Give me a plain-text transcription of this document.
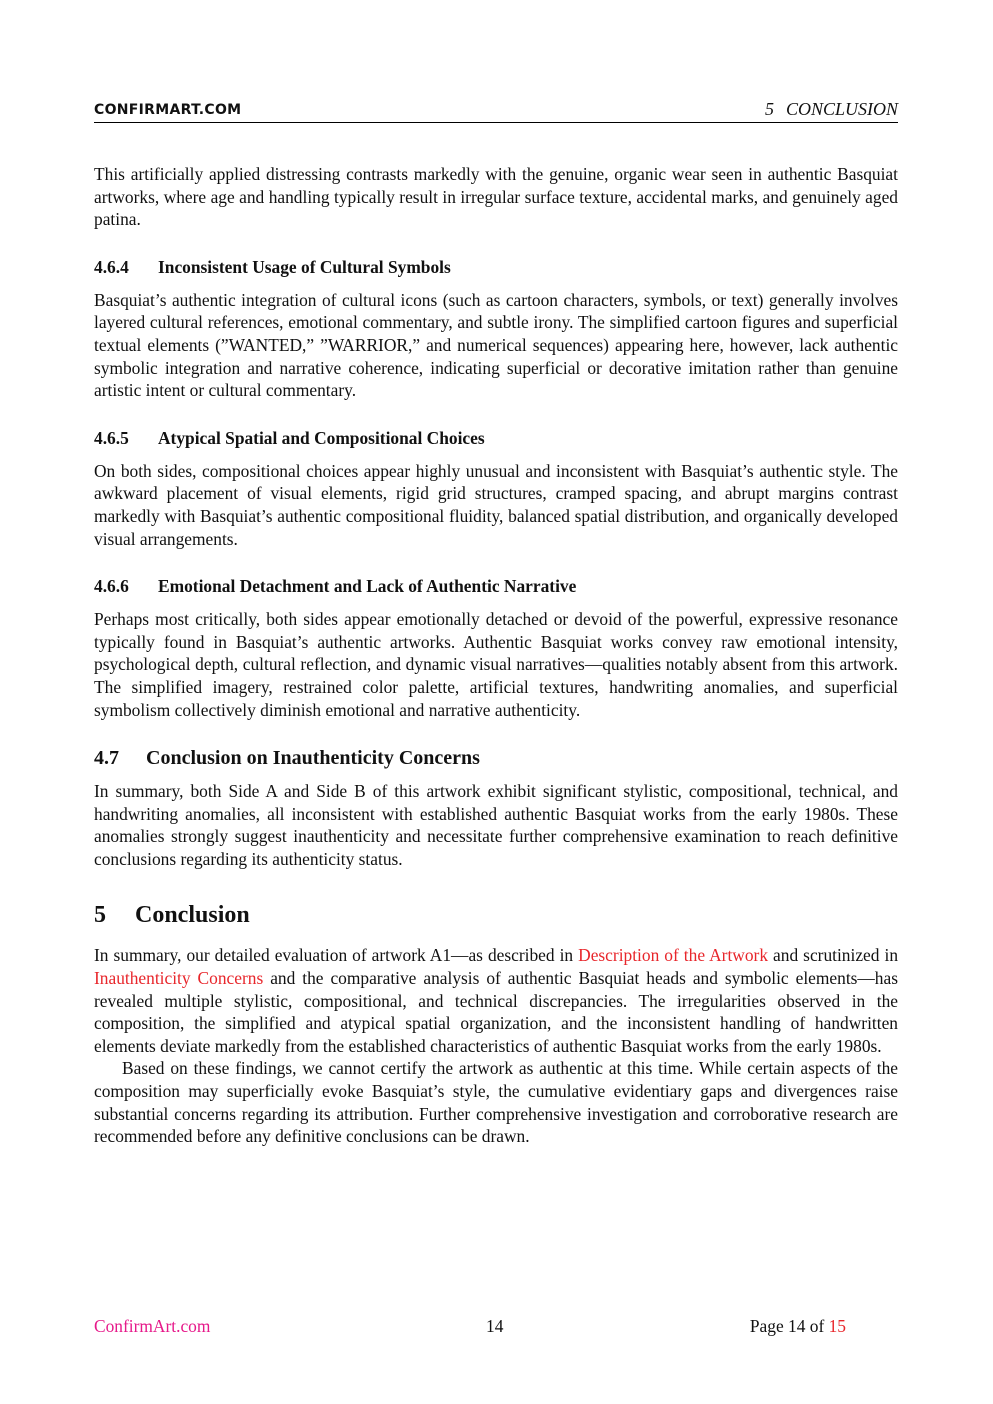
CONFIRMART.COM	5 CONCLUSION

This artificially applied distressing contrasts markedly with the genuine, organic wear seen in authentic Basquiat artworks, where age and handling typically result in irregular surface texture, accidental marks, and genuinely aged patina.

4.6.4 Inconsistent Usage of Cultural Symbols

Basquiat’s authentic integration of cultural icons (such as cartoon characters, symbols, or text) generally involves layered cultural references, emotional commentary, and subtle irony. The simplified cartoon figures and superficial textual elements (”WANTED,” ”WARRIOR,” and numerical sequences) appearing here, however, lack authentic symbolic integration and narrative coherence, indicating superficial or decorative imitation rather than genuine artistic intent or cultural commentary.

4.6.5 Atypical Spatial and Compositional Choices

On both sides, compositional choices appear highly unusual and inconsistent with Basquiat’s authentic style. The awkward placement of visual elements, rigid grid structures, cramped spacing, and abrupt margins contrast markedly with Basquiat’s authentic compositional fluidity, balanced spatial distribution, and organically developed visual arrangements.

4.6.6 Emotional Detachment and Lack of Authentic Narrative

Perhaps most critically, both sides appear emotionally detached or devoid of the powerful, expressive resonance typically found in Basquiat’s authentic artworks. Authentic Basquiat works convey raw emotional intensity, psychological depth, cultural reflection, and dynamic visual narratives—qualities notably absent from this artwork. The simplified imagery, restrained color palette, artificial textures, handwriting anomalies, and superficial symbolism collectively diminish emotional and narrative authenticity.

4.7 Conclusion on Inauthenticity Concerns

In summary, both Side A and Side B of this artwork exhibit significant stylistic, compositional, technical, and handwriting anomalies, all inconsistent with established authentic Basquiat works from the early 1980s. These anomalies strongly suggest inauthenticity and necessitate further comprehensive examination to reach definitive conclusions regarding its authenticity status.

5 Conclusion

In summary, our detailed evaluation of artwork A1—as described in Description of the Artwork and scrutinized in Inauthenticity Concerns and the comparative analysis of authentic Basquiat heads and symbolic elements—has revealed multiple stylistic, compositional, and technical discrepancies. The irregularities observed in the composition, the simplified and atypical spatial organization, and the inconsistent handling of handwritten elements deviate markedly from the established characteristics of authentic Basquiat works from the early 1980s.

Based on these findings, we cannot certify the artwork as authentic at this time. While certain aspects of the composition may superficially evoke Basquiat’s style, the cumulative evidentiary gaps and divergences raise substantial concerns regarding its attribution. Further comprehensive investigation and corroborative research are recommended before any definitive conclusions can be drawn.

ConfirmArt.com	14	Page 14 of 15
